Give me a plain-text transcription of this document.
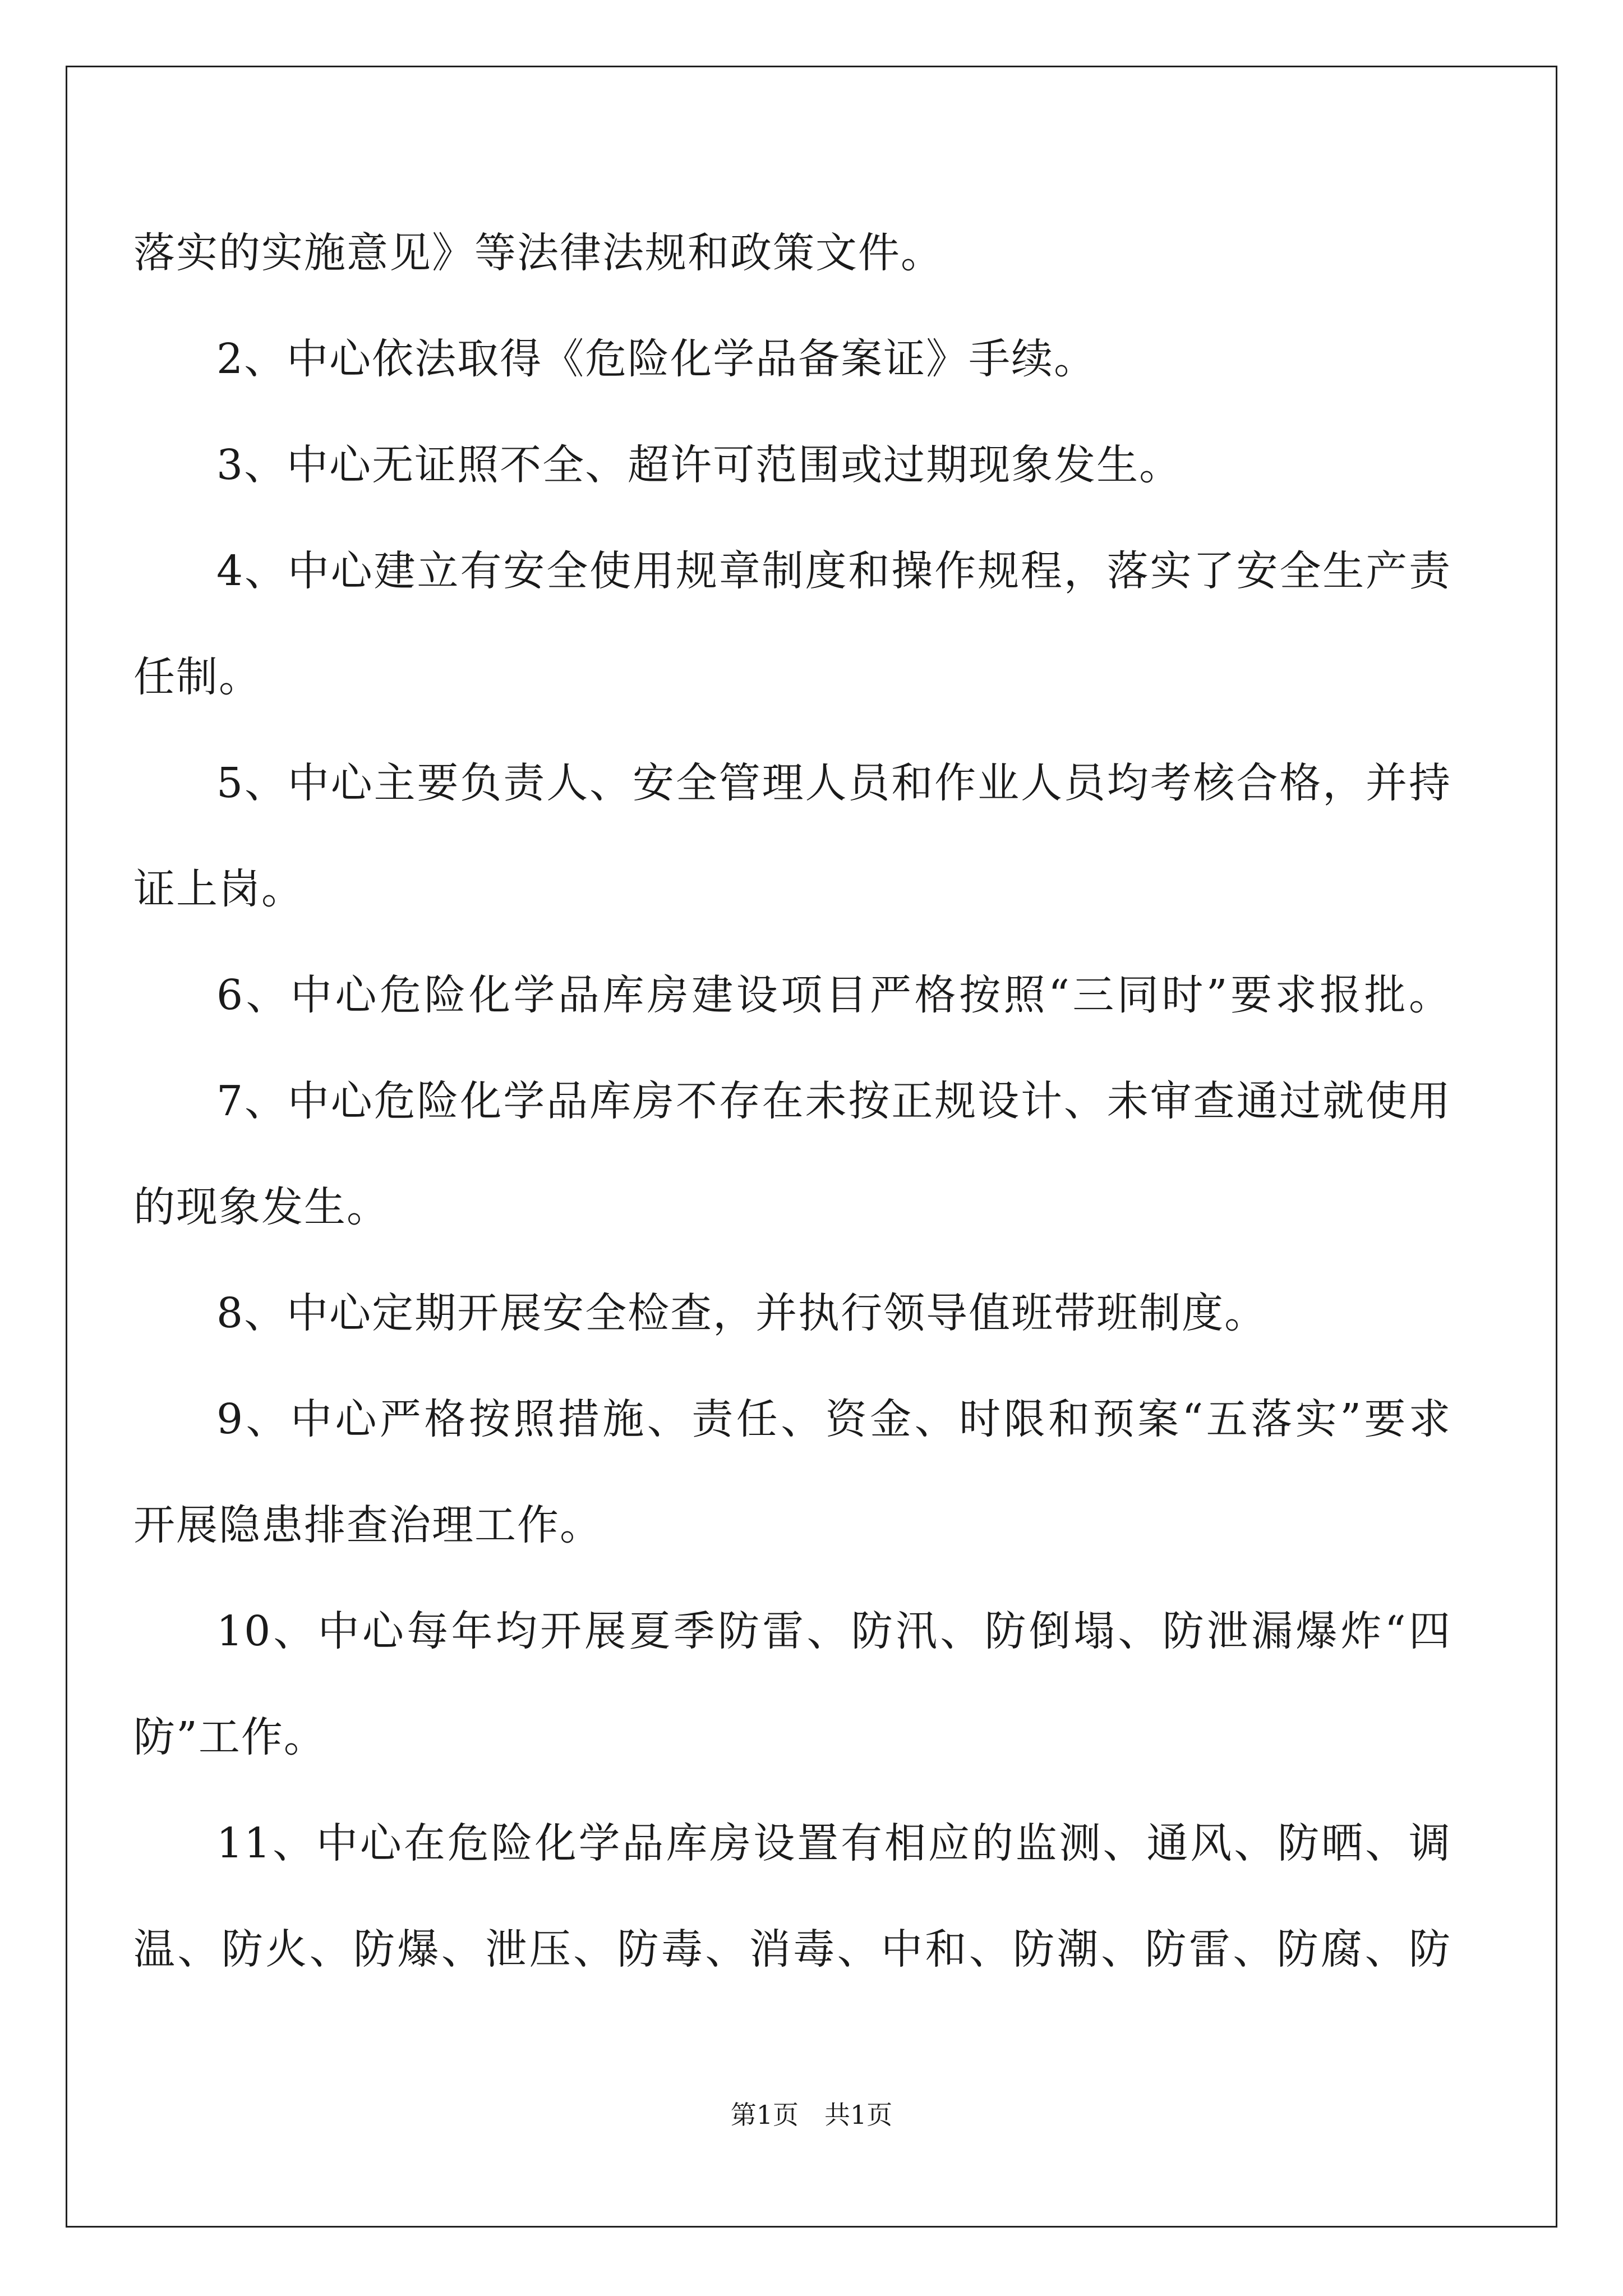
落实的实施意见》等法律法规和政策文件。
2、中心依法取得《危险化学品备案证》手续。
3、中心无证照不全、超许可范围或过期现象发生。
4、中心建立有安全使用规章制度和操作规程，落实了安全生产责
任制。
5、中心主要负责人、安全管理人员和作业人员均考核合格，并持
证上岗。
6、中心危险化学品库房建设项目严格按照“三同时”要求报批。
7、中心危险化学品库房不存在未按正规设计、未审查通过就使用
的现象发生。
8、中心定期开展安全检查，并执行领导值班带班制度。
9、中心严格按照措施、责任、资金、时限和预案“五落实”要求
开展隐患排查治理工作。
10、中心每年均开展夏季防雷、防汛、防倒塌、防泄漏爆炸“四
防”工作。
11、中心在危险化学品库房设置有相应的监测、通风、防晒、调
温、防火、防爆、泄压、防毒、消毒、中和、防潮、防雷、防腐、防
第1页　共1页
